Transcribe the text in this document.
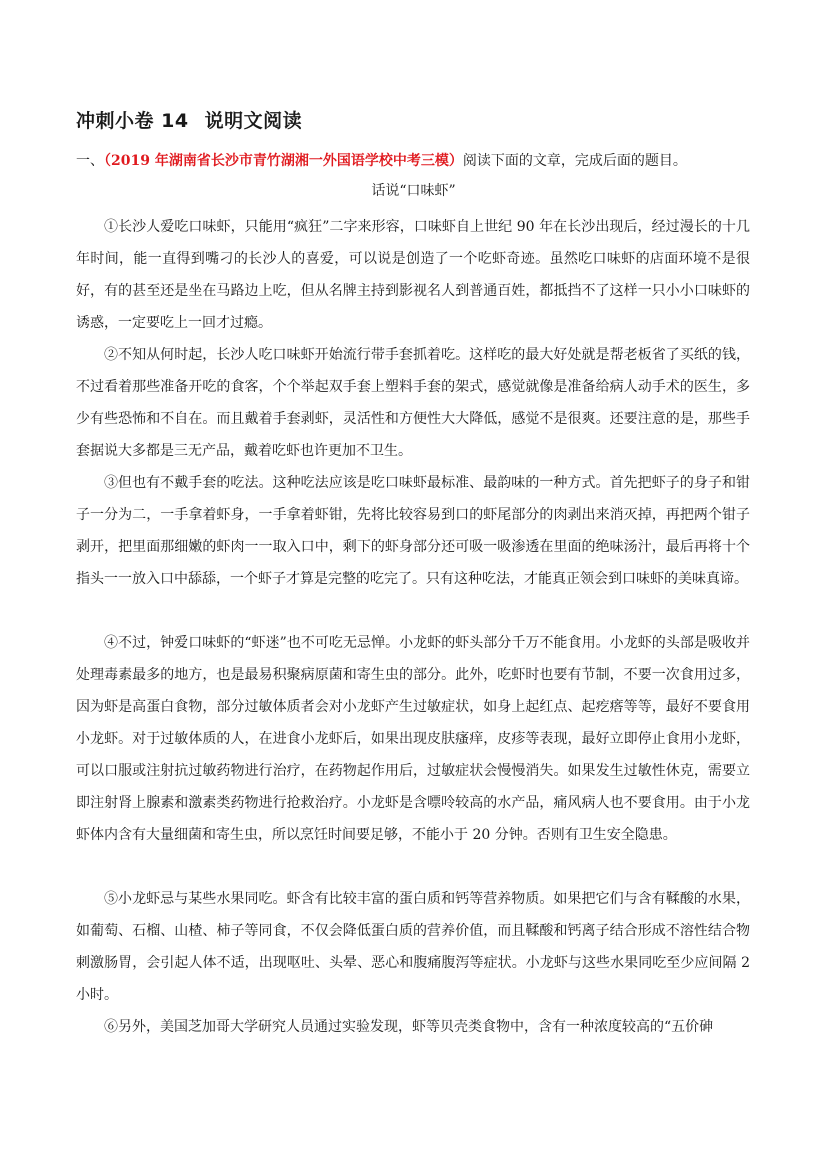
冲刺小卷 14 说明文阅读
一、（2019 年湖南省长沙市青竹湖湘一外国语学校中考三模）阅读下面的文章，完成后面的题目。
话说“口味虾”

①长沙人爱吃口味虾，只能用“疯狂”二字来形容，口味虾自上世纪 90 年在长沙出现后，经过漫长的十几年时间，能一直得到嘴刁的长沙人的喜爱，可以说是创造了一个吃虾奇迹。虽然吃口味虾的店面环境不是很好，有的甚至还是坐在马路边上吃，但从名牌主持到影视名人到普通百姓，都抵挡不了这样一只小小口味虾的诱惑，一定要吃上一回才过瘾。

②不知从何时起，长沙人吃口味虾开始流行带手套抓着吃。这样吃的最大好处就是帮老板省了买纸的钱，不过看着那些准备开吃的食客，个个举起双手套上塑料手套的架式，感觉就像是准备给病人动手术的医生，多少有些恐怖和不自在。而且戴着手套剥虾，灵活性和方便性大大降低，感觉不是很爽。还要注意的是，那些手套据说大多都是三无产品，戴着吃虾也许更加不卫生。

③但也有不戴手套的吃法。这种吃法应该是吃口味虾最标准、最韵味的一种方式。首先把虾子的身子和钳子一分为二，一手拿着虾身，一手拿着虾钳，先将比较容易到口的虾尾部分的肉剥出来消灭掉，再把两个钳子剥开，把里面那细嫩的虾肉一一取入口中，剩下的虾身部分还可吸一吸渗透在里面的绝味汤汁，最后再将十个指头一一放入口中舔舔，一个虾子才算是完整的吃完了。只有这种吃法，才能真正领会到口味虾的美味真谛。

④不过，钟爱口味虾的“虾迷”也不可吃无忌惮。小龙虾的虾头部分千万不能食用。小龙虾的头部是吸收并处理毒素最多的地方，也是最易积聚病原菌和寄生虫的部分。此外，吃虾时也要有节制，不要一次食用过多，因为虾是高蛋白食物，部分过敏体质者会对小龙虾产生过敏症状，如身上起红点、起疙瘩等等，最好不要食用小龙虾。对于过敏体质的人，在进食小龙虾后，如果出现皮肤瘙痒，皮疹等表现，最好立即停止食用小龙虾，可以口服或注射抗过敏药物进行治疗，在药物起作用后，过敏症状会慢慢消失。如果发生过敏性休克，需要立即注射肾上腺素和激素类药物进行抢救治疗。小龙虾是含嘌呤较高的水产品，痛风病人也不要食用。由于小龙虾体内含有大量细菌和寄生虫，所以烹饪时间要足够，不能小于 20 分钟。否则有卫生安全隐患。

⑤小龙虾忌与某些水果同吃。虾含有比较丰富的蛋白质和钙等营养物质。如果把它们与含有鞣酸的水果，如葡萄、石榴、山楂、柿子等同食，不仅会降低蛋白质的营养价值，而且鞣酸和钙离子结合形成不溶性结合物刺激肠胃，会引起人体不适，出现呕吐、头晕、恶心和腹痛腹泻等症状。小龙虾与这些水果同吃至少应间隔 2 小时。

⑥另外，美国芝加哥大学研究人员通过实验发现，虾等贝壳类食物中，含有一种浓度较高的“五价砷
